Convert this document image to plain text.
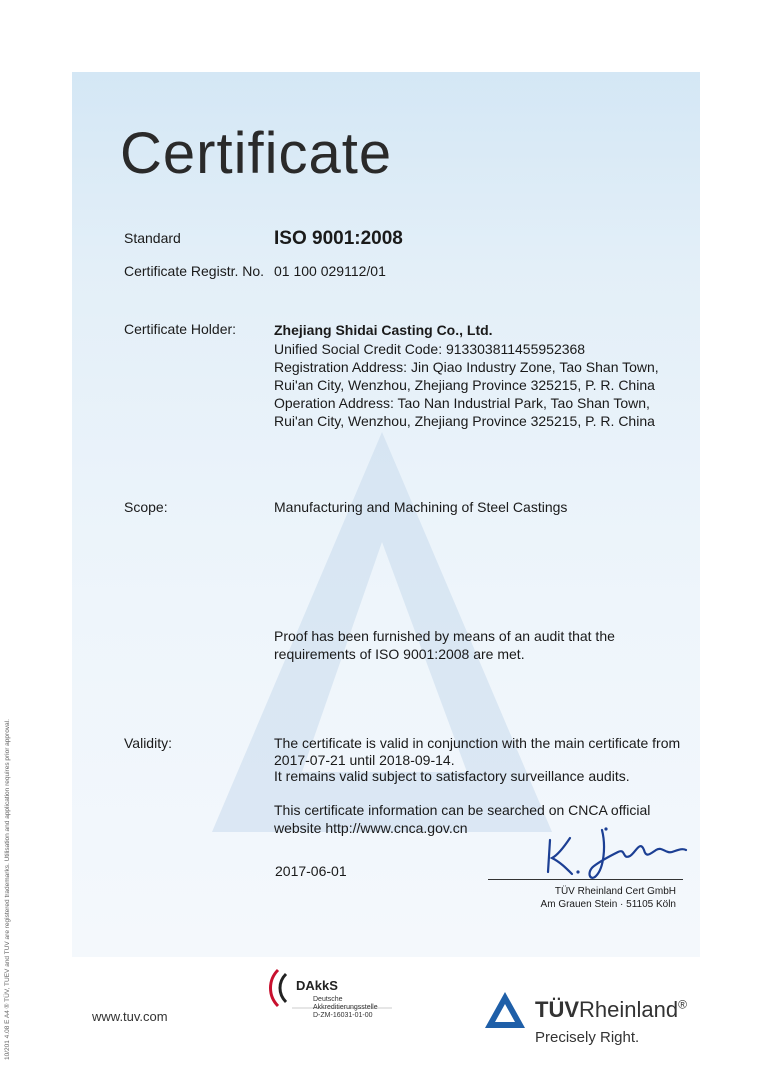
Certificate
Standard	ISO 9001:2008
Certificate Registr. No. 01 100 029112/01
Certificate Holder:	Zhejiang Shidai Casting Co., Ltd.
Unified Social Credit Code: 913303811455952368
Registration Address: Jin Qiao Industry Zone, Tao Shan Town,
Rui'an City, Wenzhou, Zhejiang Province 325215, P. R. China
Operation Address: Tao Nan Industrial Park, Tao Shan Town,
Rui'an City, Wenzhou, Zhejiang Province 325215, P. R. China
Scope:	Manufacturing and Machining of Steel Castings
Proof has been furnished by means of an audit that the
requirements of ISO 9001:2008 are met.
Validity:	The certificate is valid in conjunction with the main certificate from
2017-07-21 until 2018-09-14.
It remains valid subject to satisfactory surveillance audits.
This certificate information can be searched on CNCA official
website http://www.cnca.gov.cn
2017-06-01
TÜV Rheinland Cert GmbH
Am Grauen Stein · 51105 Köln
10/201 4.08 E A4 ® TÜV, TUEV and TUV are registered trademarks. Utilisation and application requires prior approval.	www.tuv.com
DAkkS
Deutsche
Akkreditierungsstelle
D-ZM-16031-01-00	TÜVRheinland®
Precisely Right.
